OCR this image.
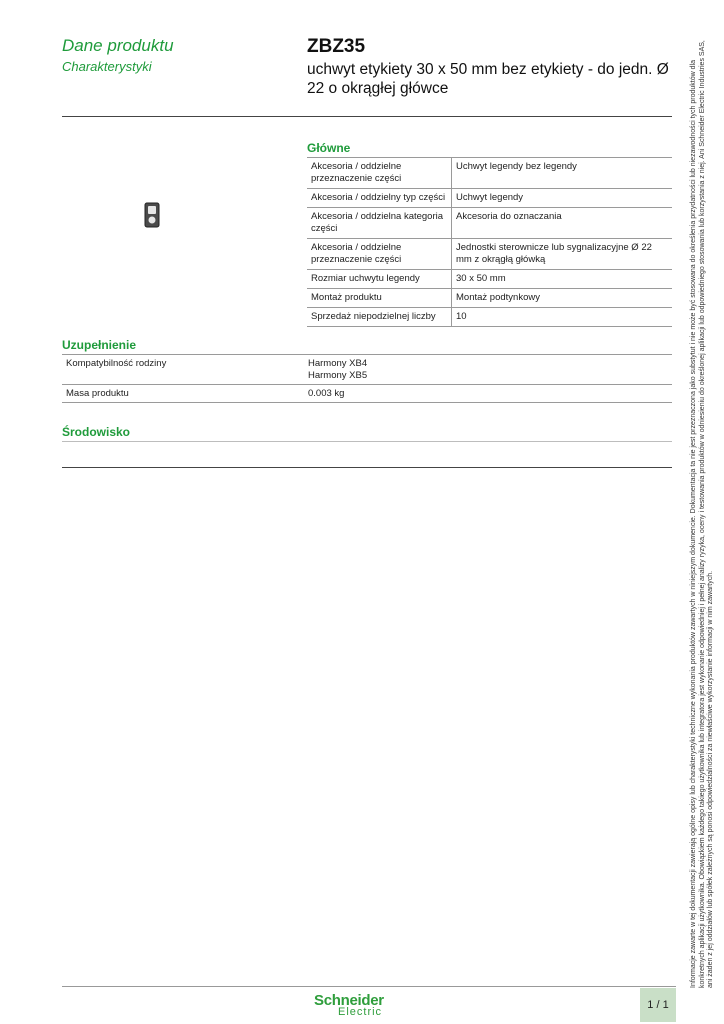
Dane produktu
Charakterystyki
ZBZ35
uchwyt etykiety 30 x 50 mm bez etykiety - do jedn. Ø 22 o okrągłej główce
Główne
Akcesoria / oddzielne przeznaczenie części	Uchwyt legendy bez legendy
Akcesoria / oddzielny typ części	Uchwyt legendy
Akcesoria / oddzielna kategoria części	Akcesoria do oznaczania
Akcesoria / oddzielne przeznaczenie części	Jednostki sterownicze lub sygnalizacyjne Ø 22 mm z okrągłą główką
Rozmiar uchwytu legendy	30 x 50 mm
Montaż produktu	Montaż podtynkowy
Sprzedaż niepodzielnej liczby	10
Uzupełnienie
Kompatybilność rodziny	Harmony XB4
Harmony XB5
Masa produktu	0.003 kg
Środowisko	Informacje zawarte w tej dokumentacji zawierają ogólne opisy lub charakterystyki techniczne wykonania produktów zawartych w niniejszym dokumencie. Dokumentacja ta nie jest przeznaczona jako substytut i nie może być stosowana do określenia przydatności lub niezawodności tych produktów dla konkretnych aplikacji użytkownika. Obowiązkiem każdego takiego użytkownika lub integratora jest wykonanie odpowiedniej i pełnej analizy ryzyka, oceny i testowania produktów w odniesieniu do określonej aplikacji lub odpowiedniego stosowania lub korzystania z niej. Ani Schneider Electric Industries SAS, ani żaden z jej oddziałów lub spółek zależnych są ponosi odpowiedzialności za niewłaściwe wykorzystanie informacji w nim zawartych.
Schneider
Electric
1 / 1
